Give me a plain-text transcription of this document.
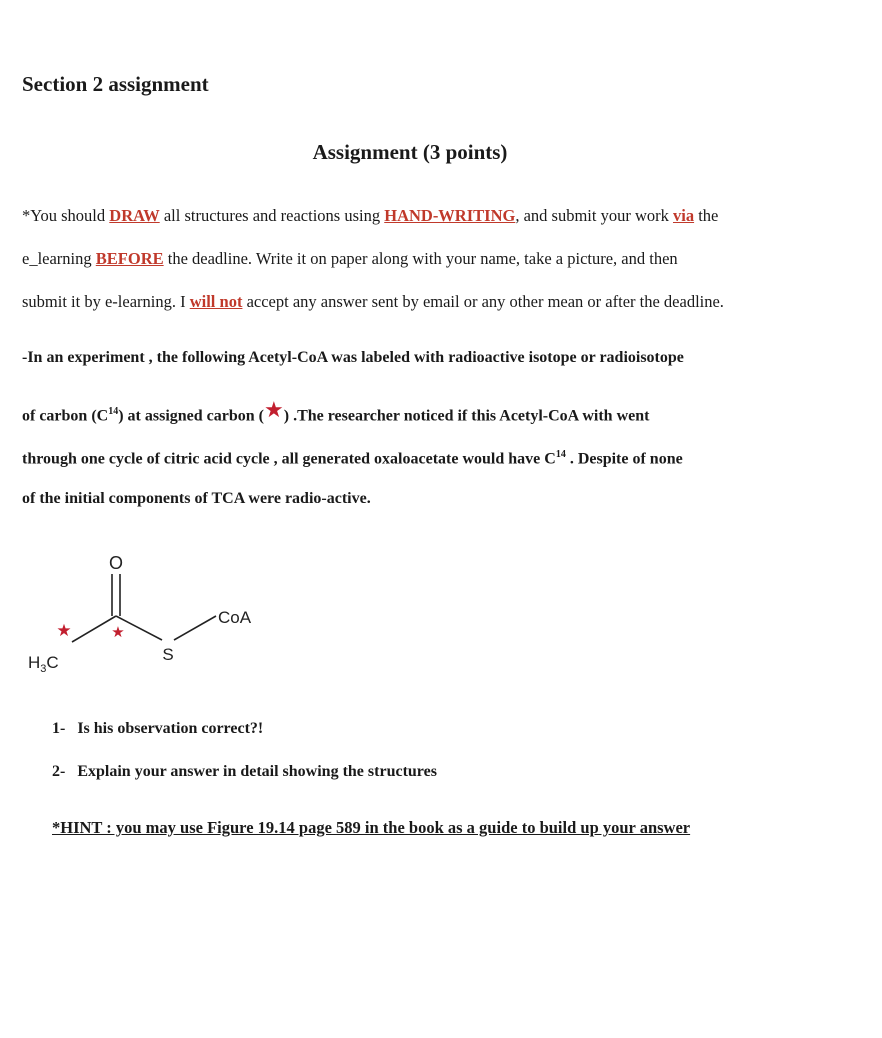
Section 2 assignment
Assignment (3 points)
*You should DRAW all structures and reactions using HAND-WRITING, and submit your work via the
e_learning BEFORE the deadline. Write it on paper along with your name, take a picture, and then
submit it by e-learning. I will not accept any answer sent by email or any other mean or after the deadline.
-In an experiment , the following Acetyl-CoA was labeled with radioactive isotope or radioisotope
of carbon $(C^{14})$ at assigned carbon (★) .The researcher noticed if this Acetyl-CoA with went
through one cycle of citric acid cycle , all generated oxaloacetate would have $C^{14}$ . Despite of none
of the initial components of TCA were radio-active.
O
S
CoA
$H_3C$
★	★
1- Is his observation correct?!
2- Explain your answer in detail showing the structures
*HINT : you may use Figure 19.14 page 589 in the book as a guide to build up your answer
